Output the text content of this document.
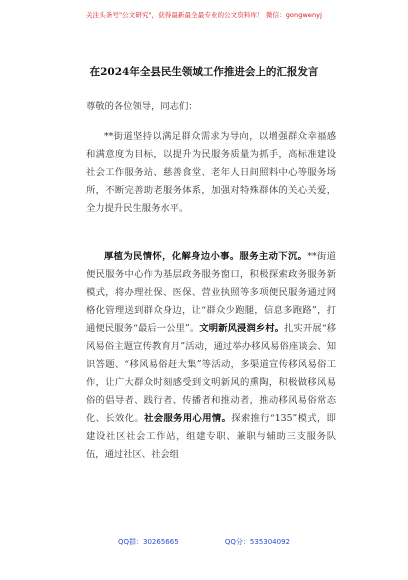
关注头条号"公文研究"，获得最新最全最专业的公文资料库！ 微信：gongwenyj
在2024年全县民生领域工作推进会上的汇报发言
尊敬的各位领导，同志们：
**街道坚持以满足群众需求为导向，以增强群众幸福感和满意度为目标，以提升为民服务质量为抓手，高标准建设社会工作服务站、慈善食堂、老年人日间照料中心等服务场所，不断完善助老服务体系，加强对特殊群体的关心关爱，全力提升民生服务水平。
厚植为民情怀，化解身边小事。服务主动下沉。**街道便民服务中心作为基层政务服务窗口，积极探索政务服务新模式，将办理社保、医保、营业执照等多项便民服务通过网格化管理送到群众身边，让“群众少跑腿，信息多跑路”，打通便民服务“最后一公里”。文明新风浸润乡村。扎实开展“移风易俗主题宣传教育月”活动，通过举办移风易俗座谈会、知识答题、“移风易俗赶大集”等活动，多渠道宣传移风易俗工作，让广大群众时刻感受到文明新风的熏陶，积极做移风易俗的倡导者、践行者、传播者和推动者，推动移风易俗常态化、长效化。社会服务用心用情。探索推行“135”模式，即建设社区社会工作站，组建专职、兼职与辅助三支服务队伍，通过社区、社会组
QQ群：30265665	QQ分：535304092
